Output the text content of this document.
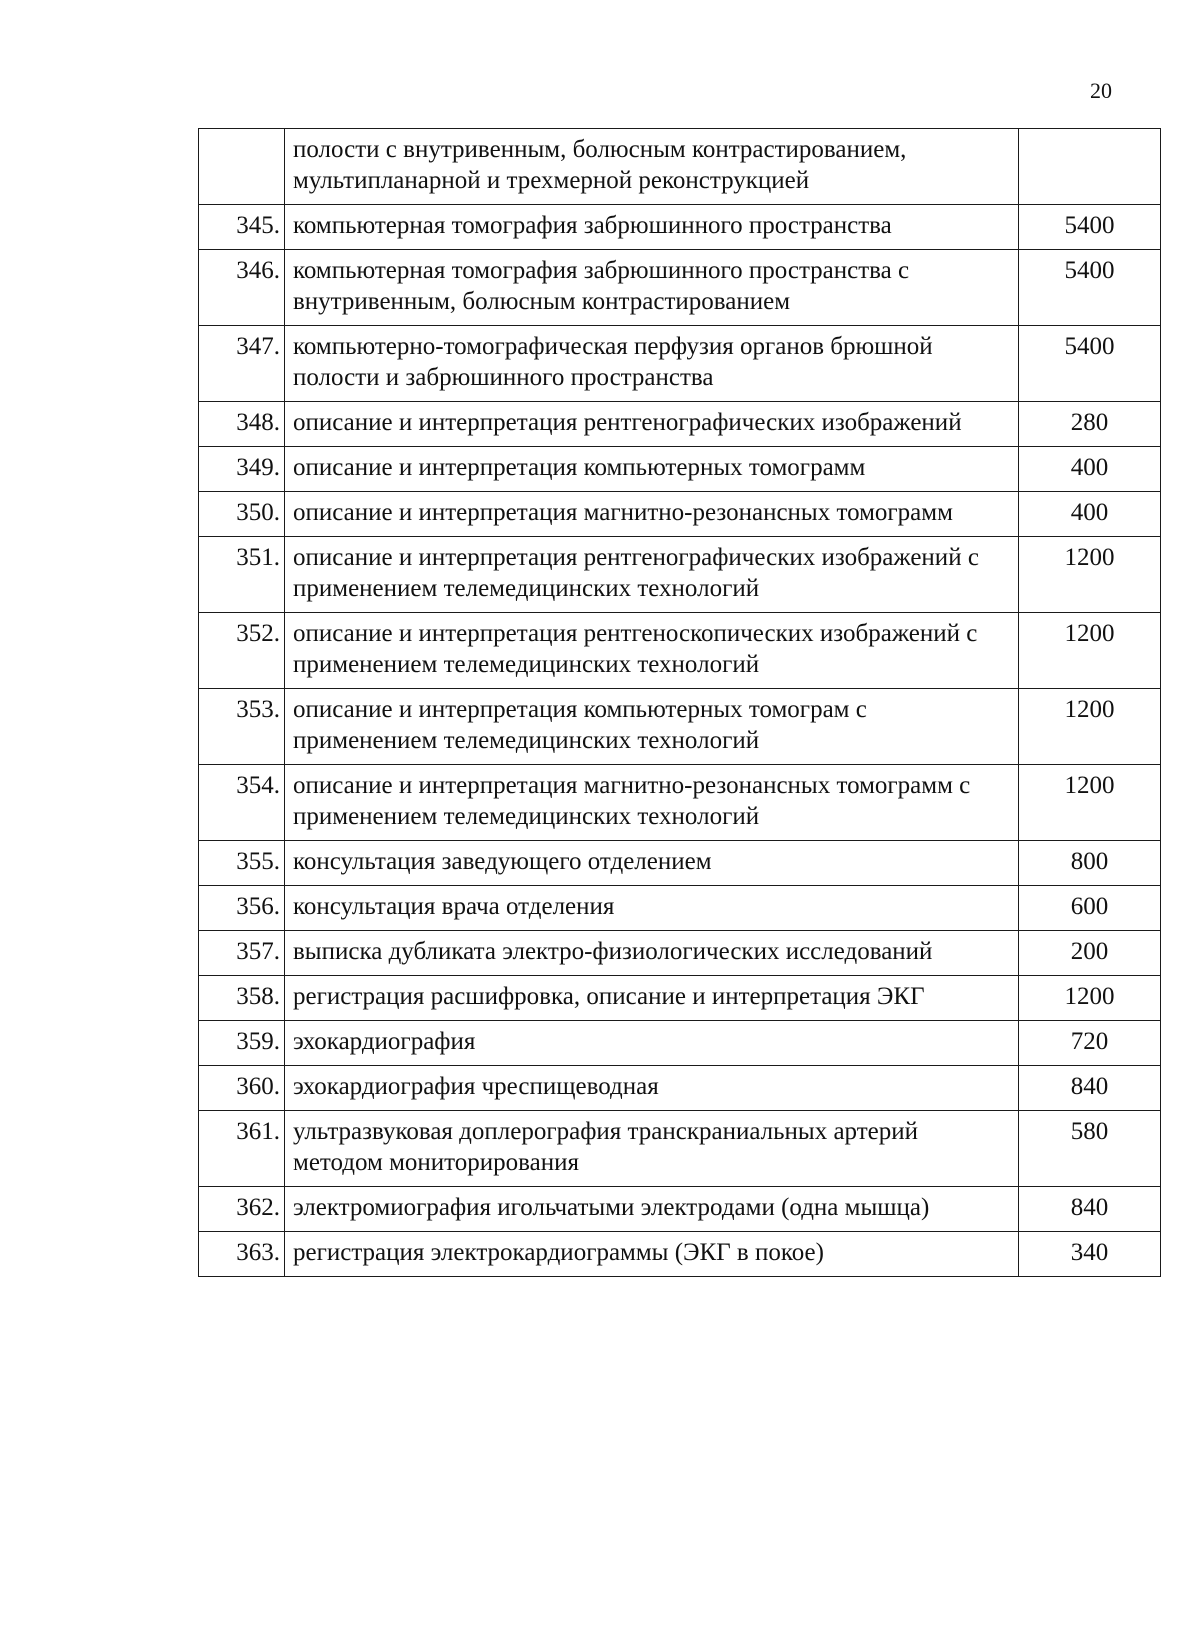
20
	полости с внутривенным, болюсным контрастированием, мультипланарной и трехмерной реконструкцией	
345.	компьютерная томография забрюшинного пространства	5400
346.	компьютерная томография забрюшинного пространства с внутривенным, болюсным контрастированием	5400
347.	компьютерно-томографическая перфузия органов брюшной полости и забрюшинного пространства	5400
348.	описание и интерпретация рентгенографических изображений	280
349.	описание и интерпретация компьютерных томограмм	400
350.	описание и интерпретация магнитно-резонансных томограмм	400
351.	описание и интерпретация рентгенографических изображений с применением телемедицинских технологий	1200
352.	описание и интерпретация рентгеноскопических изображений с применением телемедицинских технологий	1200
353.	описание и интерпретация компьютерных томограм с применением телемедицинских технологий	1200
354.	описание и интерпретация магнитно-резонансных томограмм с применением телемедицинских технологий	1200
355.	консультация заведующего отделением	800
356.	консультация врача отделения	600
357.	выписка дубликата электро-физиологических исследований	200
358.	регистрация расшифровка, описание и интерпретация ЭКГ	1200
359.	эхокардиография	720
360.	эхокардиография чреспищеводная	840
361.	ультразвуковая доплерография транскраниальных артерий методом мониторирования	580
362.	электромиография игольчатыми электродами (одна мышца)	840
363.	регистрация электрокардиограммы (ЭКГ в покое)	340
